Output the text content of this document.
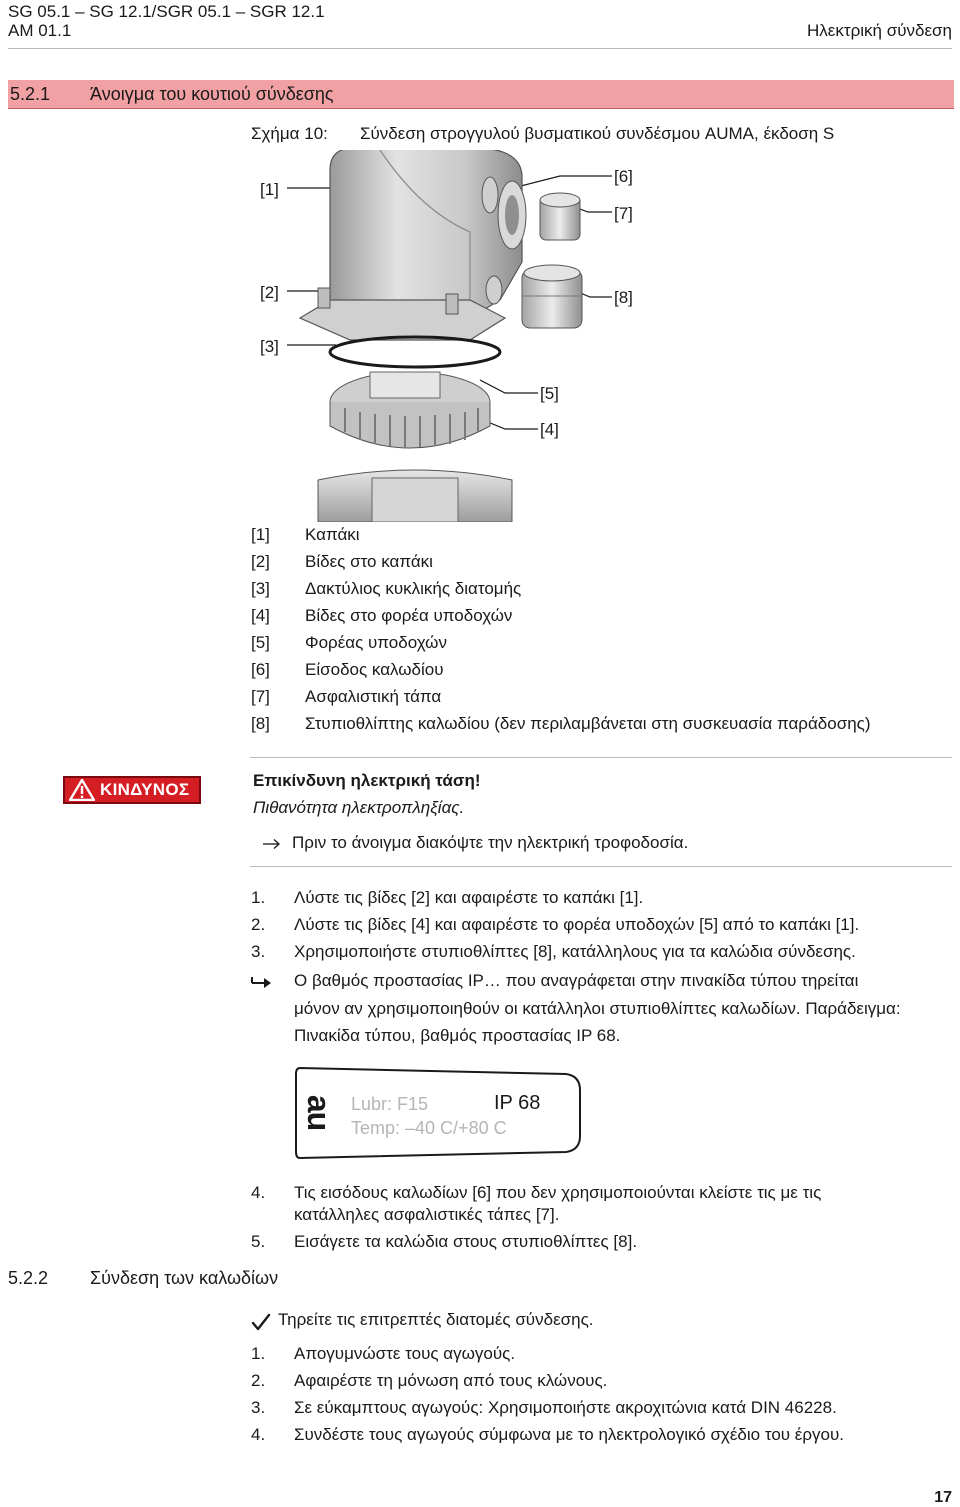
SG 05.1 – SG 12.1/SGR 05.1 – SGR 12.1
AM 01.1	Ηλεκτρική σύνδεση
5.2.1 Άνοιγμα του κουτιού σύνδεσης
Σχήμα 10: Σύνδεση στρογγυλού βυσματικού συνδέσμου AUMA, έκδοση S
[1]
[2]
[3]
[6]
[7]
[8]
[5]
[4]
[1] Καπάκι
[2] Βίδες στο καπάκι
[3] Δακτύλιος κυκλικής διατομής
[4] Βίδες στο φορέα υποδοχών
[5] Φορέας υποδοχών
[6] Είσοδος καλωδίου
[7] Ασφαλιστική τάπα
[8] Στυπιοθλίπτης καλωδίου (δεν περιλαμβάνεται στη συσκευασία παράδοσης)
ΚΙΝΔΥΝΟΣ	Επικίνδυνη ηλεκτρική τάση!
Πιθανότητα ηλεκτροπληξίας.
Πριν το άνοιγμα διακόψτε την ηλεκτρική τροφοδοσία.
1. Λύστε τις βίδες [2] και αφαιρέστε το καπάκι [1].
2. Λύστε τις βίδες [4] και αφαιρέστε το φορέα υποδοχών [5] από το καπάκι [1].
3. Χρησιμοποιήστε στυπιοθλίπτες [8], κατάλληλους για τα καλώδια σύνδεσης.
Ο βαθμός προστασίας IP… που αναγράφεται στην πινακίδα τύπου τηρείται
μόνον αν χρησιμοποιηθούν οι κατάλληλοι στυπιοθλίπτες καλωδίων. Παράδειγμα:
Πινακίδα τύπου, βαθμός προστασίας IP 68.
au Lubr: F15	IP 68
Temp: –40 C/+80 C
4. Τις εισόδους καλωδίων [6] που δεν χρησιμοποιούνται κλείστε τις με τις
κατάλληλες ασφαλιστικές τάπες [7].
5. Εισάγετε τα καλώδια στους στυπιοθλίπτες [8].
5.2.2 Σύνδεση των καλωδίων
Τηρείτε τις επιτρεπτές διατομές σύνδεσης.
1. Απογυμνώστε τους αγωγούς.
2. Αφαιρέστε τη μόνωση από τους κλώνους.
3. Σε εύκαμπτους αγωγούς: Χρησιμοποιήστε ακροχιτώνια κατά DIN 46228.
4. Συνδέστε τους αγωγούς σύμφωνα με το ηλεκτρολογικό σχέδιο του έργου.
17
